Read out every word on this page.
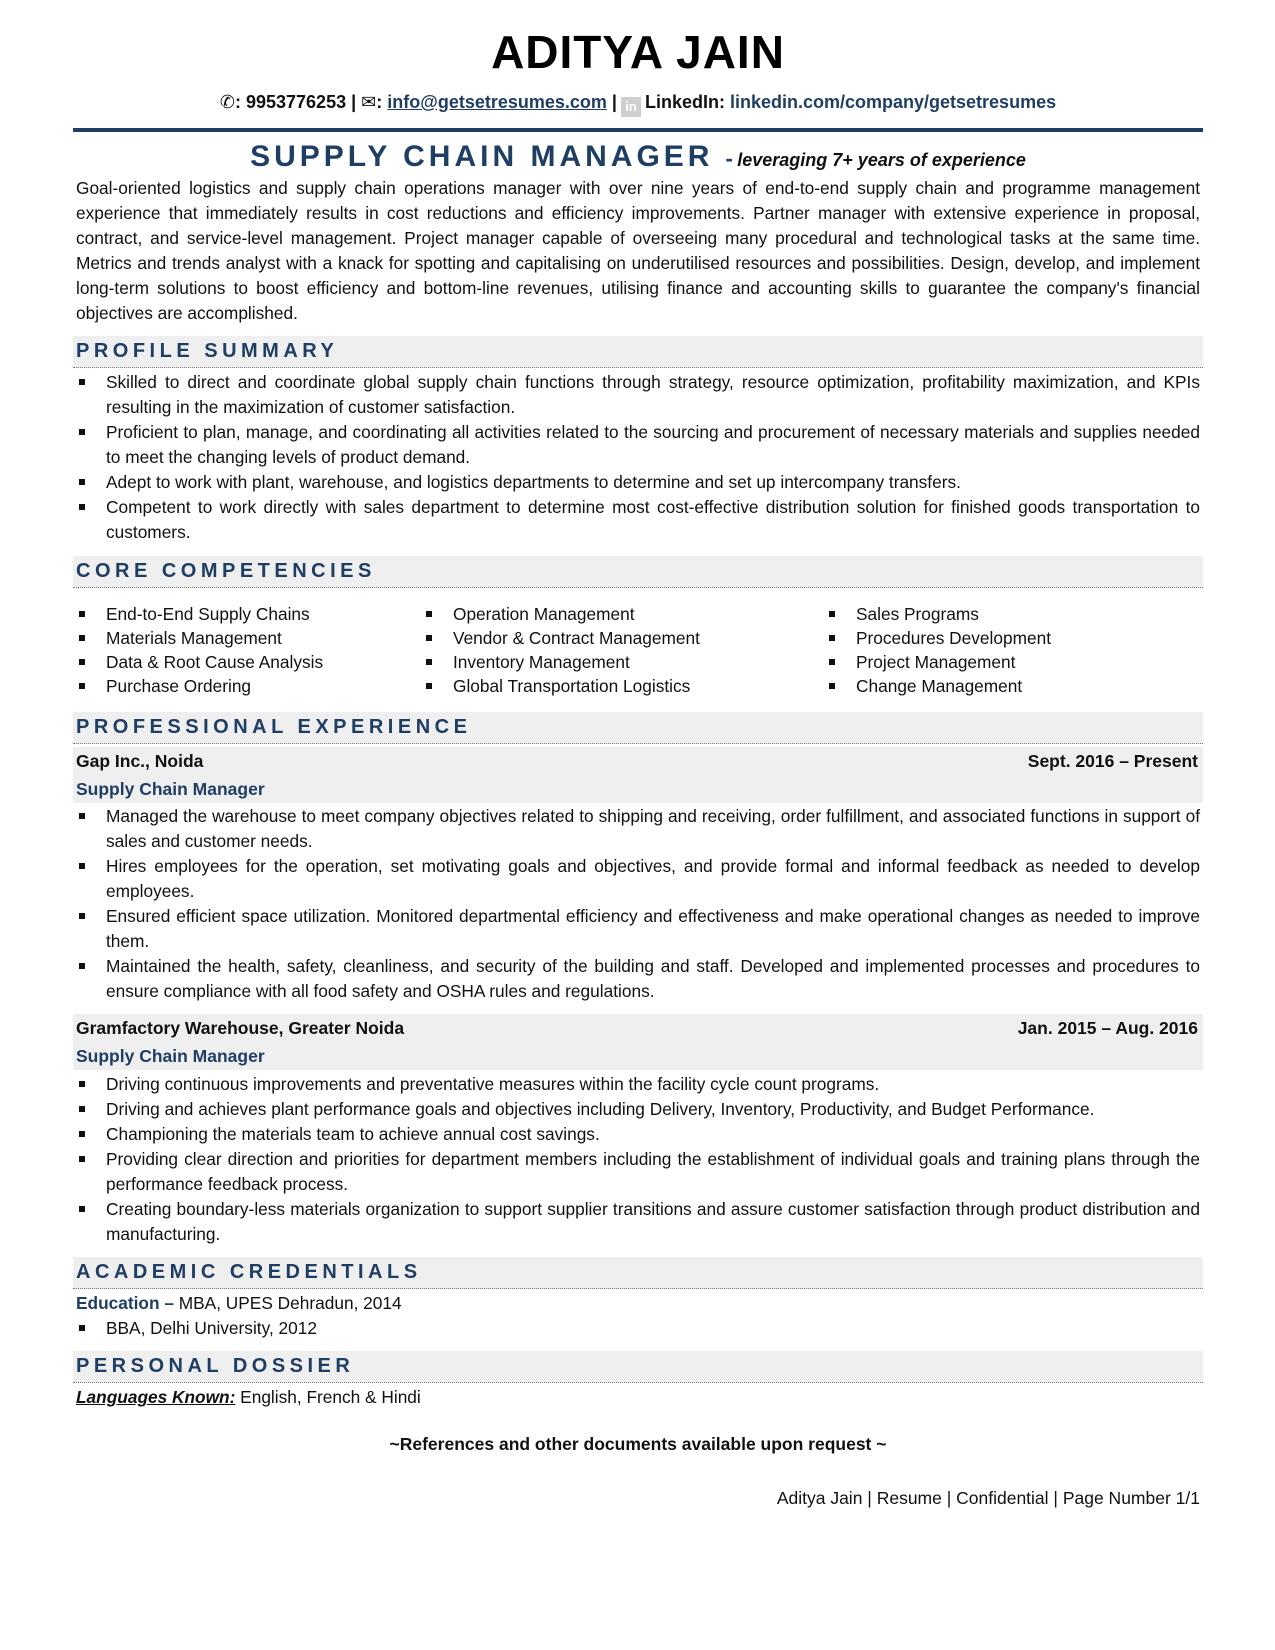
ADITYA JAIN
✆: 9953776253 | ✉: info@getsetresumes.com | in LinkedIn: linkedin.com/company/getsetresumes
SUPPLY CHAIN MANAGER - leveraging 7+ years of experience

Goal-oriented logistics and supply chain operations manager with over nine years of end-to-end supply chain and programme management experience that immediately results in cost reductions and efficiency improvements. Partner manager with extensive experience in proposal, contract, and service-level management. Project manager capable of overseeing many procedural and technological tasks at the same time. Metrics and trends analyst with a knack for spotting and capitalising on underutilised resources and possibilities. Design, develop, and implement long-term solutions to boost efficiency and bottom-line revenues, utilising finance and accounting skills to guarantee the company's financial objectives are accomplished.

PROFILE SUMMARY
Skilled to direct and coordinate global supply chain functions through strategy, resource optimization, profitability maximization, and KPIs resulting in the maximization of customer satisfaction.
Proficient to plan, manage, and coordinating all activities related to the sourcing and procurement of necessary materials and supplies needed to meet the changing levels of product demand.
Adept to work with plant, warehouse, and logistics departments to determine and set up intercompany transfers.
Competent to work directly with sales department to determine most cost-effective distribution solution for finished goods transportation to customers.
CORE COMPETENCIES
End-to-End Supply Chains
Materials Management
Data & Root Cause Analysis
Purchase Ordering
Operation Management
Vendor & Contract Management
Inventory Management
Global Transportation Logistics
Sales Programs
Procedures Development
Project Management
Change Management
PROFESSIONAL EXPERIENCE
Gap Inc., Noida	Sept. 2016 – Present
Supply Chain Manager
Managed the warehouse to meet company objectives related to shipping and receiving, order fulfillment, and associated functions in support of sales and customer needs.
Hires employees for the operation, set motivating goals and objectives, and provide formal and informal feedback as needed to develop employees.
Ensured efficient space utilization. Monitored departmental efficiency and effectiveness and make operational changes as needed to improve them.
Maintained the health, safety, cleanliness, and security of the building and staff. Developed and implemented processes and procedures to ensure compliance with all food safety and OSHA rules and regulations.
Gramfactory Warehouse, Greater Noida	Jan. 2015 – Aug. 2016
Supply Chain Manager
Driving continuous improvements and preventative measures within the facility cycle count programs.
Driving and achieves plant performance goals and objectives including Delivery, Inventory, Productivity, and Budget Performance.
Championing the materials team to achieve annual cost savings.
Providing clear direction and priorities for department members including the establishment of individual goals and training plans through the performance feedback process.
Creating boundary-less materials organization to support supplier transitions and assure customer satisfaction through product distribution and manufacturing.
ACADEMIC CREDENTIALS
Education – MBA, UPES Dehradun, 2014
BBA, Delhi University, 2012
PERSONAL DOSSIER
Languages Known: English, French & Hindi
~References and other documents available upon request ~
Aditya Jain | Resume | Confidential | Page Number 1/1
